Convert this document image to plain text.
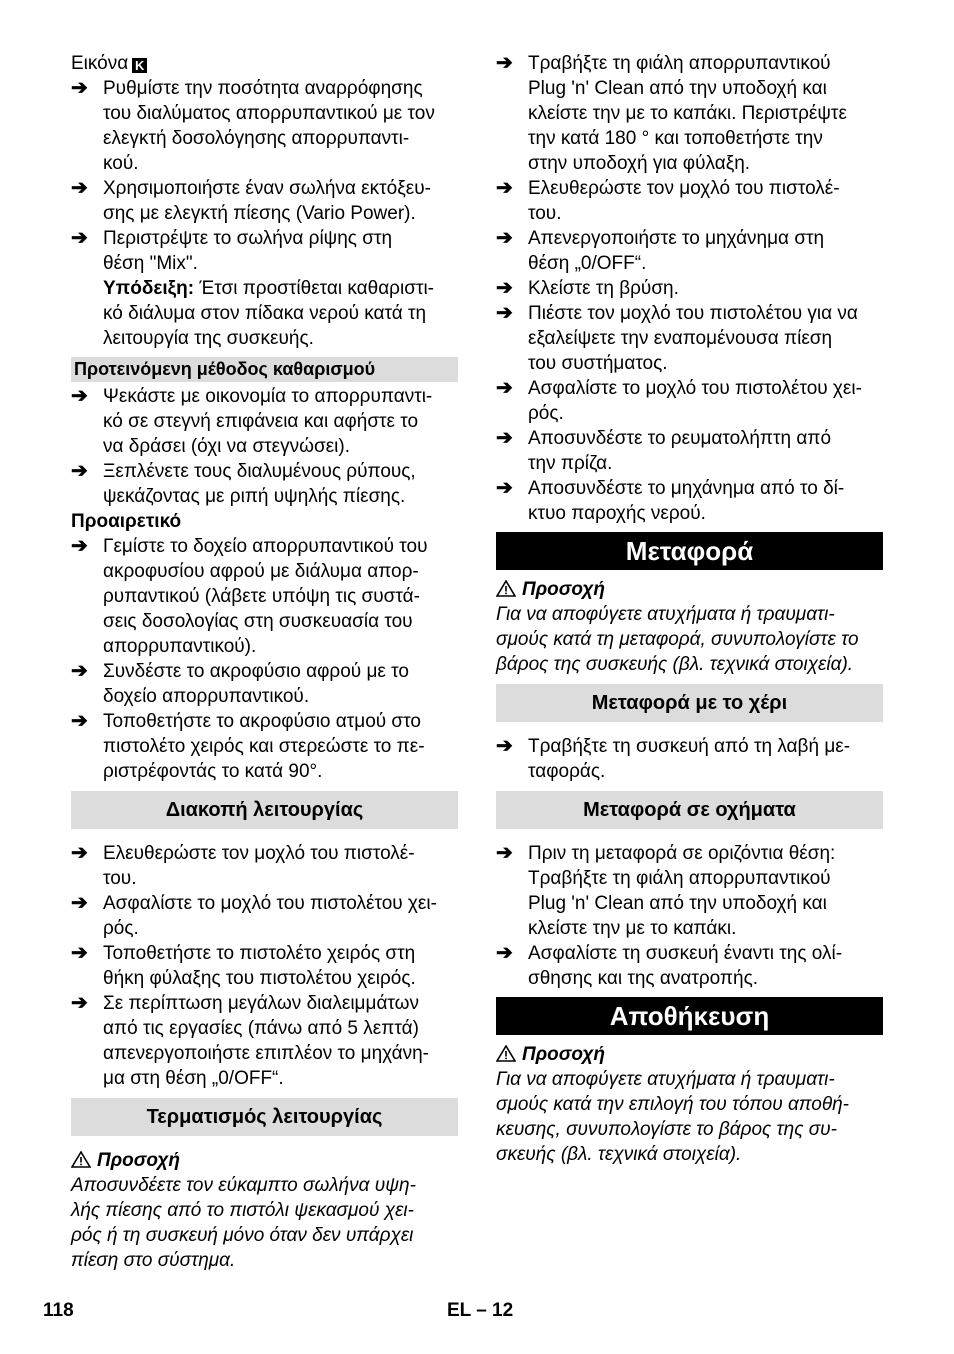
Εικόνα K

➔ Ρυθμίστε την ποσότητα αναρρόφησης
του διαλύματος απορρυπαντικού με τον
ελεγκτή δοσολόγησης απορρυπαντι-
κού.
➔ Χρησιμοποιήστε έναν σωλήνα εκτόξευ-
σης με ελεγκτή πίεσης (Vario Power).
➔ Περιστρέψτε το σωλήνα ρίψης στη
θέση "Mix".

Υπόδειξη: Έτσι προστίθεται καθαριστι-
κό διάλυμα στον πίδακα νερού κατά τη
λειτουργία της συσκευής.

Προτεινόμενη μέθοδος καθαρισμού
➔ Ψεκάστε με οικονομία το απορρυπαντι-
κό σε στεγνή επιφάνεια και αφήστε το
να δράσει (όχι να στεγνώσει).
➔ Ξεπλένετε τους διαλυμένους ρύπους,
ψεκάζοντας με ριπή υψηλής πίεσης.

Προαιρετικό

➔ Γεμίστε το δοχείο απορρυπαντικού του
ακροφυσίου αφρού με διάλυμα απορ-
ρυπαντικού (λάβετε υπόψη τις συστά-
σεις δοσολογίας στη συσκευασία του
απορρυπαντικού).
➔ Συνδέστε το ακροφύσιο αφρού με το
δοχείο απορρυπαντικού.
➔ Τοποθετήστε το ακροφύσιο ατμού στο
πιστολέτο χειρός και στερεώστε το πε-
ριστρέφοντάς το κατά 90°.
Διακοπή λειτουργίας
➔ Ελευθερώστε τον μοχλό του πιστολέ-
του.
➔ Ασφαλίστε το μοχλό του πιστολέτου χει-
ρός.
➔ Τοποθετήστε το πιστολέτο χειρός στη
θήκη φύλαξης του πιστολέτου χειρός.
➔ Σε περίπτωση μεγάλων διαλειμμάτων
από τις εργασίες (πάνω από 5 λεπτά)
απενεργοποιήστε επιπλέον το μηχάνη-
μα στη θέση „0/OFF“.
Τερματισμός λειτουργίας

Προσοχή

Αποσυνδέετε τον εύκαμπτο σωλήνα υψη-
λής πίεσης από το πιστόλι ψεκασμού χει-
ρός ή τη συσκευή μόνο όταν δεν υπάρχει
πίεση στο σύστημα.
➔ Τραβήξτε τη φιάλη απορρυπαντικού
Plug 'n' Clean από την υποδοχή και
κλείστε την με το καπάκι. Περιστρέψτε
την κατά 180 ° και τοποθετήστε την
στην υποδοχή για φύλαξη.
➔ Ελευθερώστε τον μοχλό του πιστολέ-
του.
➔ Απενεργοποιήστε το μηχάνημα στη
θέση „0/OFF“.
➔ Κλείστε τη βρύση.
➔ Πιέστε τον μοχλό του πιστολέτου για να
εξαλείψετε την εναπομένουσα πίεση
του συστήματος.
➔ Ασφαλίστε το μοχλό του πιστολέτου χει-
ρός.
➔ Αποσυνδέστε το ρευματολήπτη από
την πρίζα.
➔ Αποσυνδέστε το μηχάνημα από το δί-
κτυο παροχής νερού.
Μεταφορά

Προσοχή

Για να αποφύγετε ατυχήματα ή τραυματι-
σμούς κατά τη μεταφορά, συνυπολογίστε το
βάρος της συσκευής (βλ. τεχνικά στοιχεία).
Μεταφορά με το χέρι
➔ Τραβήξτε τη συσκευή από τη λαβή με-
ταφοράς.
Μεταφορά σε οχήματα
➔ Πριν τη μεταφορά σε οριζόντια θέση:
Τραβήξτε τη φιάλη απορρυπαντικού
Plug 'n' Clean από την υποδοχή και
κλείστε την με το καπάκι.
➔ Ασφαλίστε τη συσκευή έναντι της ολί-
σθησης και της ανατροπής.
Αποθήκευση

Προσοχή

Για να αποφύγετε ατυχήματα ή τραυματι-
σμούς κατά την επιλογή του τόπου αποθή-
κευσης, συνυπολογίστε το βάρος της συ-
σκευής (βλ. τεχνικά στοιχεία).
118	EL – 12
